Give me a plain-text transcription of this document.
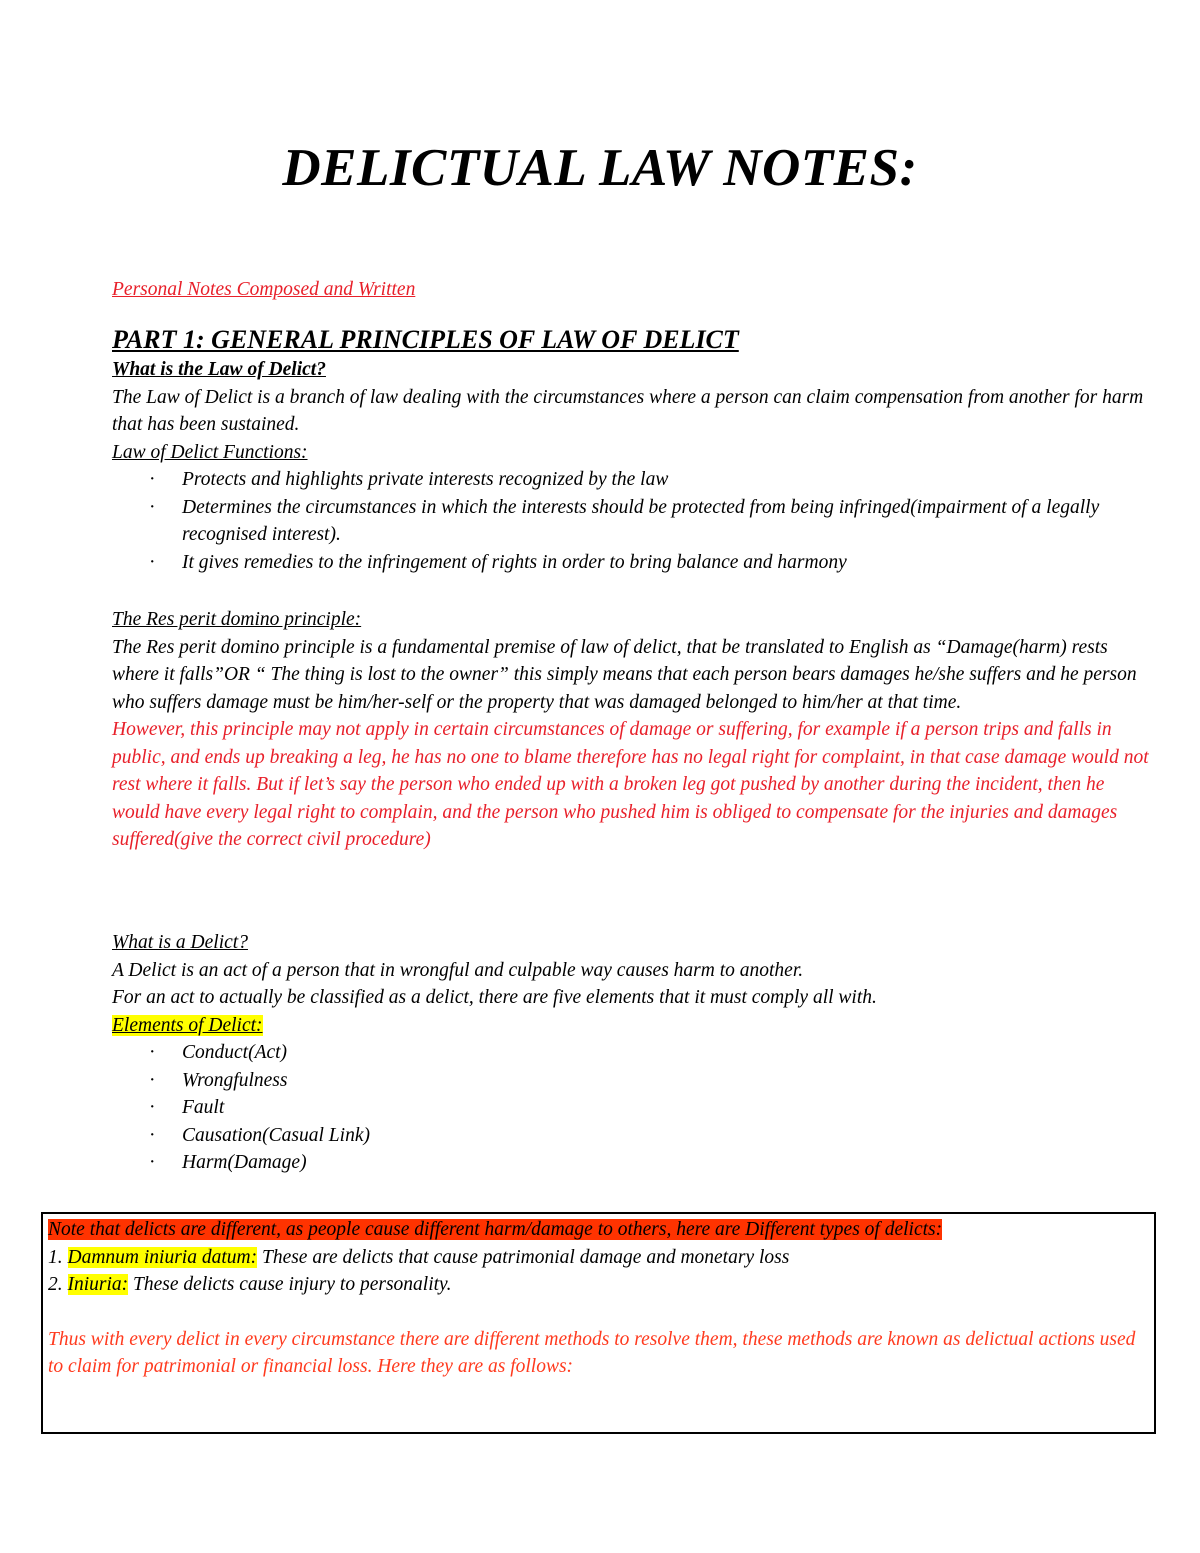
DELICTUAL LAW NOTES:

Personal Notes Composed and Written

PART 1: GENERAL PRINCIPLES OF LAW OF DELICT

What is the Law of Delict?

The Law of Delict is a branch of law dealing with the circumstances where a person can claim compensation from another for harm that has been sustained.

Law of Delict Functions:

· Protects and highlights private interests recognized by the law
· Determines the circumstances in which the interests should be protected from being infringed(impairment of a legally recognised interest).
· It gives remedies to the infringement of rights in order to bring balance and harmony

The Res perit domino principle:

The Res perit domino principle is a fundamental premise of law of delict, that be translated to English as “Damage(harm) rests where it falls”OR “ The thing is lost to the owner” this simply means that each person bears damages he/she suffers and he person who suffers damage must be him/her-self or the property that was damaged belonged to him/her at that time.

However, this principle may not apply in certain circumstances of damage or suffering, for example if a person trips and falls in public, and ends up breaking a leg, he has no one to blame therefore has no legal right for complaint, in that case damage would not rest where it falls. But if let’s say the person who ended up with a broken leg got pushed by another during the incident, then he would have every legal right to complain, and the person who pushed him is obliged to compensate for the injuries and damages suffered(give the correct civil procedure)

What is a Delict?

A Delict is an act of a person that in wrongful and culpable way causes harm to another.

For an act to actually be classified as a delict, there are five elements that it must comply all with.

Elements of Delict:

· Conduct(Act)
· Wrongfulness
· Fault
· Causation(Casual Link)
· Harm(Damage)

Note that delicts are different, as people cause different harm/damage to others, here are Different types of delicts:

1. Damnum iniuria datum: These are delicts that cause patrimonial damage and monetary loss

2. Iniuria: These delicts cause injury to personality.

Thus with every delict in every circumstance there are different methods to resolve them, these methods are known as delictual actions used to claim for patrimonial or financial loss. Here they are as follows:
